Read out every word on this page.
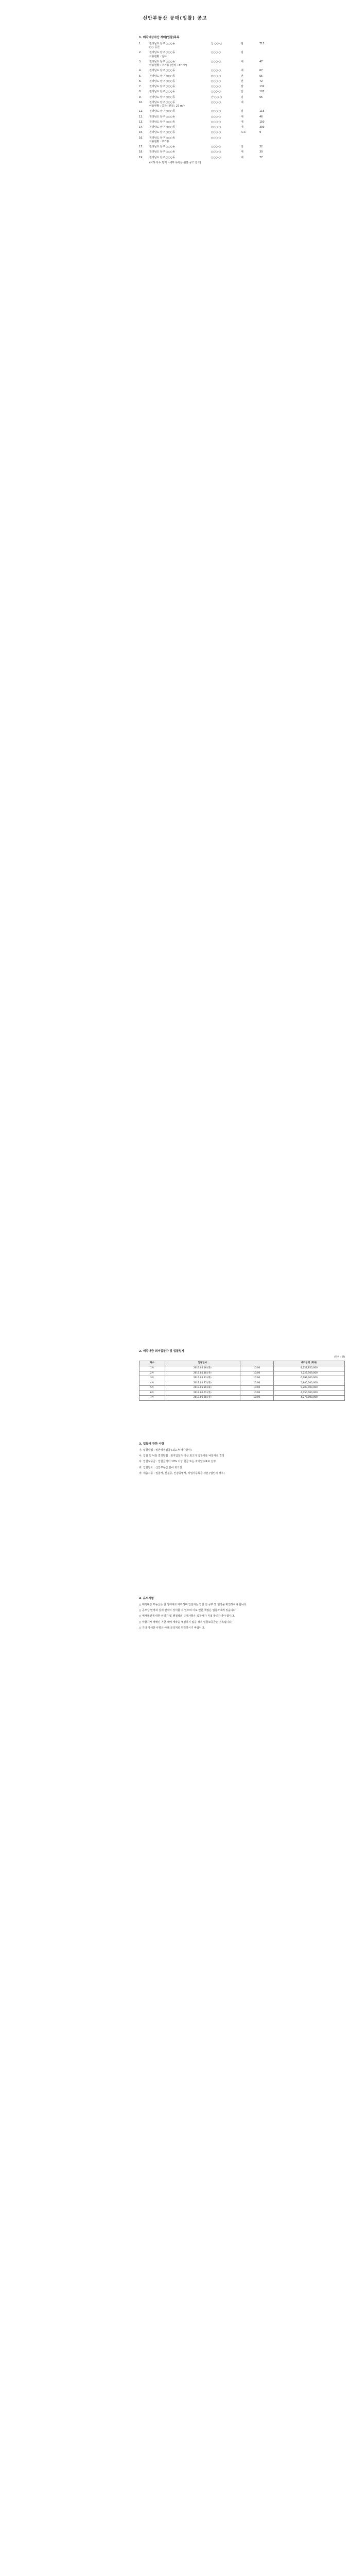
신안부동산 공매(입찰) 공고
1. 매각대상자산 재매(입찰)목록
1.	전라남도 남구 ○○○동	산 ○○-○	임	715
○○ 공원
2.	전라남도 남구 ○○○동	○○○-○	임
이용현황 : 임야
3.	전라남도 남구 ○○○동	○○○-○	대	47
이용현황 : 주거용 (면적 : 37 m²)
4.	전라남도 남구 ○○○동	○○○-○	대	67
5.	전라남도 남구 ○○○동	○○○-○	전	55
6.	전라남도 남구 ○○○동	○○○-○	전	72
7.	전라남도 남구 ○○○동	○○○-○	답	132
8.	전라남도 남구 ○○○동	○○○-○	답	103
9.	전라남도 남구 ○○○동	산 ○○-○	임	55
10.	전라남도 남구 ○○○동	○○○-○	대
이용현황 : 공장 (면적 : 27 m²)
11.	전라남도 남구 ○○○동	○○○-○	임	115
12.	전라남도 남구 ○○○동	○○○-○	대	46
13.	전라남도 남구 ○○○동	○○○-○	대	150
14.	전라남도 남구 ○○○동	○○○-○	대	300
15.	전라남도 남구 ○○○동	○○○-○	도로	9
16.	전라남도 남구 ○○○동	○○○-○
이용현황 : 주거용
17.	전라남도 남구 ○○○동	○○○-○	전	32
18.	전라남도 남구 ○○○동	○○○-○	대	30
19.	전라남도 남구 ○○○동	○○○-○	대	77
(이하 다수 필지 - 세부 목록은 원본 공고 참조)
2. 매각대금 최저입찰가 및 입찰일자
(단위 : 원)
차수	입찰일시		매각금액 (최저)
1차	2017.05.16.(화)	10:00	8,222,855,000
2차	2017.05.18.(목)	10:00	7,228,569,000
3차	2017.05.23.(화)	10:00	6,299,000,000
4차	2017.05.25.(목)	10:00	5,845,000,000
5차	2017.05.30.(화)	10:00	5,200,000,000
6차	2017.06.01.(목)	10:00	4,750,000,000
7차	2017.06.08.(목)	10:00	4,277,000,000
3. 입찰에 관한 사항
가. 입찰방법 : 일반경쟁입찰 (최고가 매각방식)
나. 입찰 및 낙찰 결정방법 : 최저입찰가 이상 최고가 입찰자를 낙찰자로 결정
다. 입찰보증금 : 입찰금액의 10% 이상 현금 또는 자기앞수표로 납부
라. 입찰장소 : 신안부동산 본사 회의실
마. 제출서류 : 입찰서, 신분증, 인감증명서, 사업자등록증 사본 (법인의 경우)
4. 유의사항
○ 매각대상 부동산은 현 상태대로 매각하며 입찰자는 입찰 전 공부 및 현장을 확인하여야 합니다.
○ 공부상 면적과 실제 면적이 상이할 수 있으며 이로 인한 책임은 입찰자에게 있습니다.
○ 매각물건에 대한 인허가 및 행정상의 규제사항은 입찰자가 직접 확인하여야 합니다.
○ 낙찰자가 정해진 기한 내에 계약을 체결하지 않을 경우 입찰보증금은 귀속됩니다.
○ 기타 자세한 사항은 아래 문의처로 연락하시기 바랍니다.
